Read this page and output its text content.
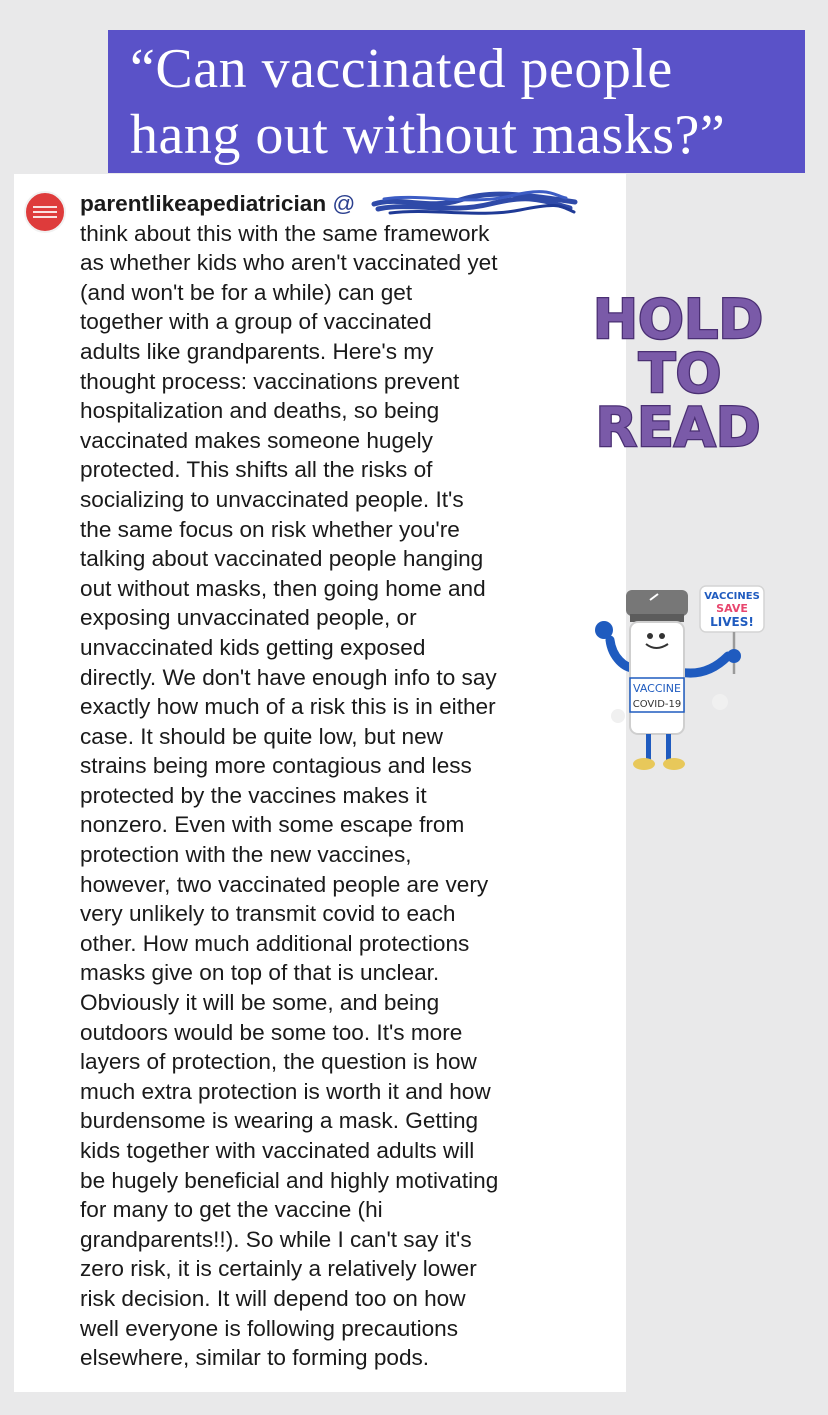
“Can vaccinated people
hang out without masks?”
parentlikeapediatrician @
think about this with the same framework
as whether kids who aren't vaccinated yet
(and won't be for a while) can get
together with a group of vaccinated
adults like grandparents. Here's my
thought process: vaccinations prevent
hospitalization and deaths, so being
vaccinated makes someone hugely
protected. This shifts all the risks of
socializing to unvaccinated people. It's
the same focus on risk whether you're
talking about vaccinated people hanging
out without masks, then going home and
exposing unvaccinated people, or
unvaccinated kids getting exposed
directly. We don't have enough info to say
exactly how much of a risk this is in either
case. It should be quite low, but new
strains being more contagious and less
protected by the vaccines makes it
nonzero. Even with some escape from
protection with the new vaccines,
however, two vaccinated people are very
very unlikely to transmit covid to each
other. How much additional protections
masks give on top of that is unclear.
Obviously it will be some, and being
outdoors would be some too. It's more
layers of protection, the question is how
much extra protection is worth it and how
burdensome is wearing a mask. Getting
kids together with vaccinated adults will
be hugely beneficial and highly motivating
for many to get the vaccine (hi
grandparents!!). So while I can't say it's
zero risk, it is certainly a relatively lower
risk decision. It will depend too on how
well everyone is following precautions
elsewhere, similar to forming pods.
HOLD
TO
READ
VACCINES
SAVE
LIVES!
VACCINE
COVID-19
